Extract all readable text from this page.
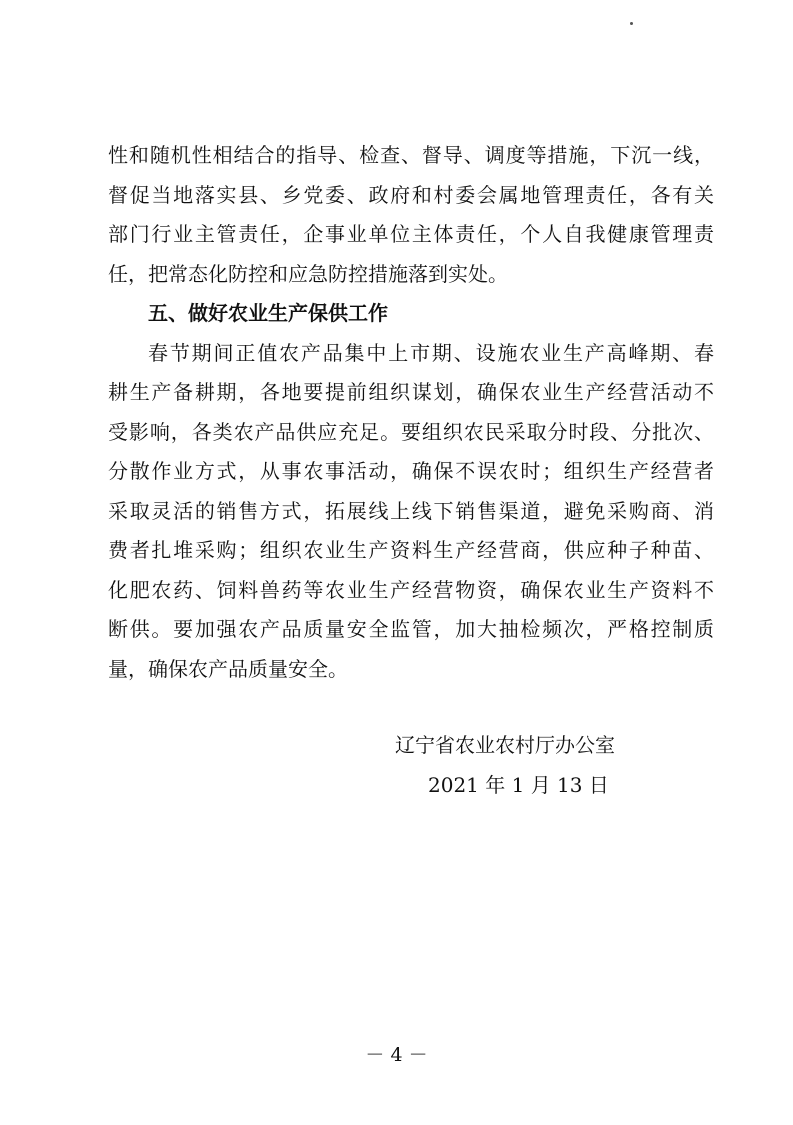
性和随机性相结合的指导、检查、督导、调度等措施，下沉一线，
督促当地落实县、乡党委、政府和村委会属地管理责任，各有关
部门行业主管责任，企事业单位主体责任，个人自我健康管理责
任，把常态化防控和应急防控措施落到实处。
五、做好农业生产保供工作
春节期间正值农产品集中上市期、设施农业生产高峰期、春
耕生产备耕期，各地要提前组织谋划，确保农业生产经营活动不
受影响，各类农产品供应充足。要组织农民采取分时段、分批次、
分散作业方式，从事农事活动，确保不误农时；组织生产经营者
采取灵活的销售方式，拓展线上线下销售渠道，避免采购商、消
费者扎堆采购；组织农业生产资料生产经营商，供应种子种苗、
化肥农药、饲料兽药等农业生产经营物资，确保农业生产资料不
断供。要加强农产品质量安全监管，加大抽检频次，严格控制质
量，确保农产品质量安全。
辽宁省农业农村厅办公室
2021 年 1 月 13 日
－ 4 －
